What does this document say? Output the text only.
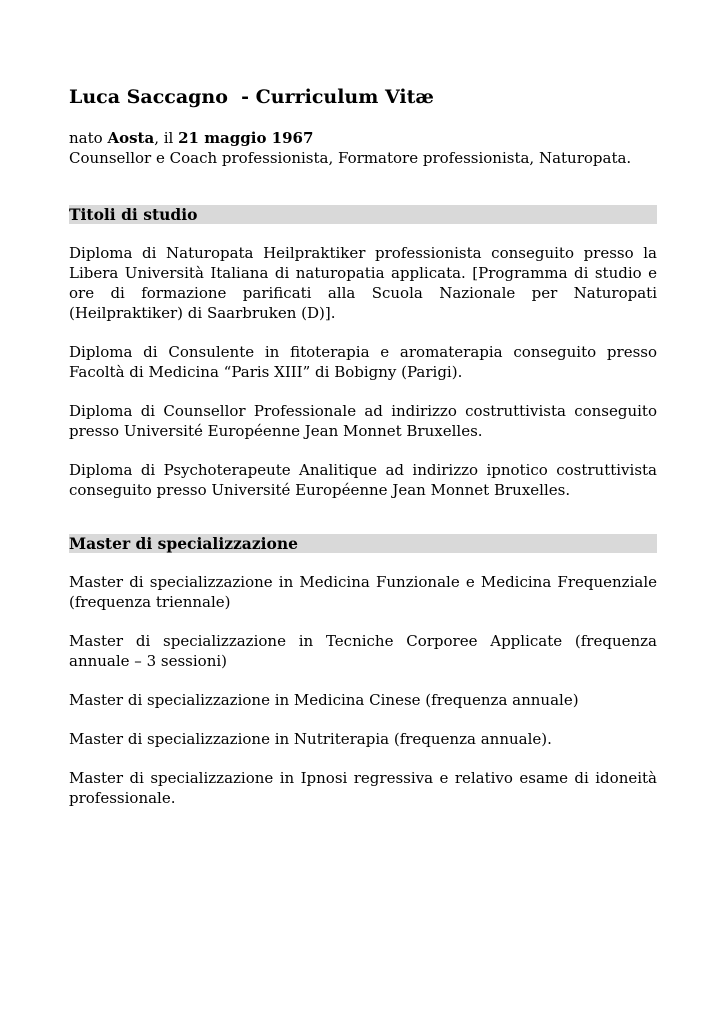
Luca Saccagno  - Curriculum Vitæ

nato Aosta, il 21 maggio 1967

Counsellor e Coach professionista, Formatore professionista, Naturopata.

Titoli di studio

Diploma di Naturopata Heilpraktiker professionista conseguito presso la Libera Università Italiana di naturopatia applicata. [Programma di studio e ore di formazione parificati alla Scuola Nazionale per Naturopati (Heilpraktiker) di Saarbruken (D)].

Diploma di Consulente in fitoterapia e aromaterapia conseguito presso Facoltà di Medicina “Paris XIII” di Bobigny (Parigi).

Diploma di Counsellor Professionale ad indirizzo costruttivista conseguito presso Université Européenne Jean Monnet Bruxelles.

Diploma di Psychoterapeute Analitique ad indirizzo ipnotico costruttivista conseguito presso Université Européenne Jean Monnet Bruxelles.

Master di specializzazione

Master di specializzazione in Medicina Funzionale e Medicina Frequenziale (frequenza triennale)

Master di specializzazione in Tecniche Corporee Applicate (frequenza annuale – 3 sessioni)

Master di specializzazione in Medicina Cinese (frequenza annuale)

Master di specializzazione in Nutriterapia (frequenza annuale).

Master di specializzazione in Ipnosi regressiva e relativo esame di idoneità professionale.
